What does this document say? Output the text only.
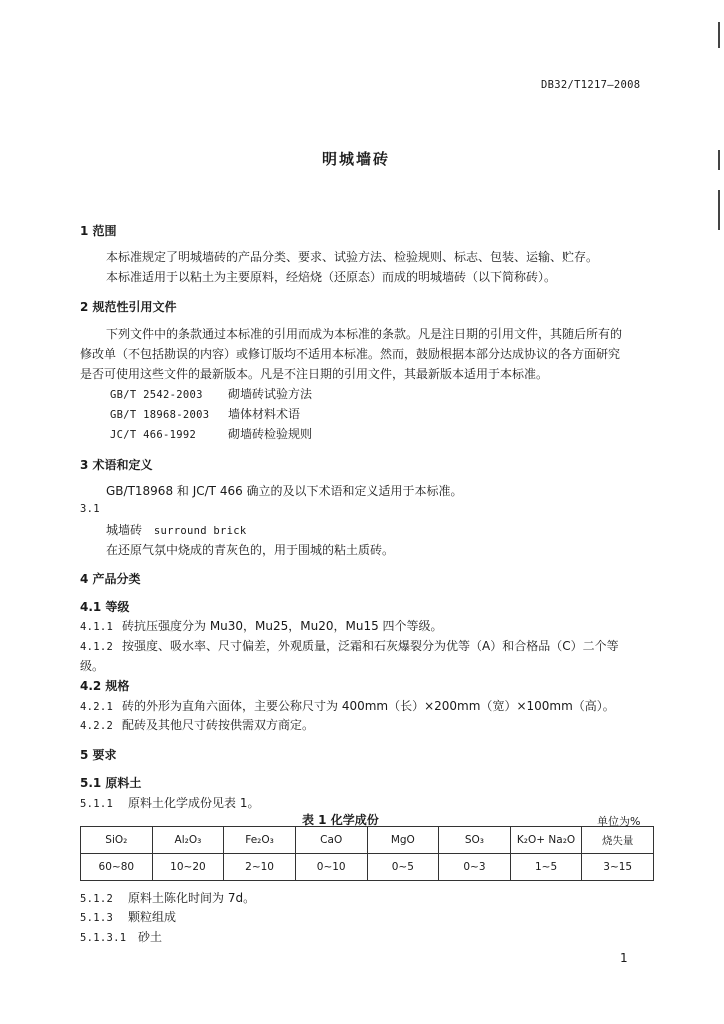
DB32/T1217—2008
明城墙砖
1 范围
本标准规定了明城墙砖的产品分类、要求、试验方法、检验规则、标志、包装、运输、贮存。
本标准适用于以粘土为主要原料，经焙烧（还原态）而成的明城墙砖（以下简称砖）。
2 规范性引用文件
下列文件中的条款通过本标准的引用而成为本标准的条款。凡是注日期的引用文件，其随后所有的
修改单（不包括勘误的内容）或修订版均不适用本标准。然而，鼓励根据本部分达成协议的各方面研究
是否可使用这些文件的最新版本。凡是不注日期的引用文件，其最新版本适用于本标准。
GB/T 2542-2003 砌墙砖试验方法
GB/T 18968-2003 墙体材料术语
JC/T 466-1992	砌墙砖检验规则
3 术语和定义
GB/T18968 和 JC/T 466 确立的及以下术语和定义适用于本标准。
3.1
城墙砖 surround brick
在还原气氛中烧成的青灰色的，用于围城的粘土质砖。
4 产品分类
4.1 等级
4.1.1 砖抗压强度分为 Mu30，Mu25，Mu20，Mu15 四个等级。
4.1.2 按强度、吸水率、尺寸偏差，外观质量，泛霜和石灰爆裂分为优等（A）和合格品（C）二个等
级。
4.2 规格
4.2.1 砖的外形为直角六面体，主要公称尺寸为 400mm（长）×200mm（宽）×100mm（高）。
4.2.2 配砖及其他尺寸砖按供需双方商定。
5 要求
5.1 原料土
5.1.1 原料土化学成份见表 1。
表 1 化学成份	单位为%
SiO₂	Al₂O₃	Fe₂O₃	CaO	MgO	SO₃	K₂O+ Na₂O	烧失量
60~80	10~20	2~10	0~10	0~5	0~3	1~5	3~15
5.1.2 原料土陈化时间为 7d。
5.1.3 颗粒组成
5.1.3.1 砂土
1
